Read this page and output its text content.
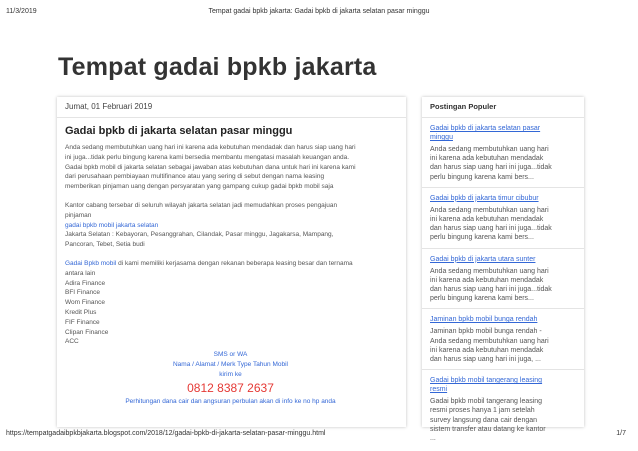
11/3/2019	Tempat gadai bpkb jakarta: Gadai bpkb di jakarta selatan pasar minggu
Tempat gadai bpkb jakarta
Jumat, 01 Februari 2019
Gadai bpkb di jakarta selatan pasar minggu
Anda sedang membutuhkan uang hari ini karena ada kebutuhan mendadak dan harus siap uang hari
ini juga...tidak perlu bingung karena kami bersedia membantu mengatasi masalah keuangan anda.
Gadai bpkb mobil di jakarta selatan sebagai jawaban atas kebutuhan dana untuk hari ini karena kami
dari perusahaan pembiayaan multifinance atau yang sering di sebut dengan nama leasing
memberikan pinjaman uang dengan persyaratan yang gampang cukup gadai bpkb mobil saja
Kantor cabang tersebar di seluruh wilayah jakarta selatan jadi memudahkan proses pengajuan
pinjaman
gadai bpkb mobil jakarta selatan
Jakarta Selatan : Kebayoran, Pesanggrahan, Cilandak, Pasar minggu, Jagakarsa, Mampang,
Pancoran, Tebet, Setia budi
Gadai Bpkb mobil di kami memiliki kerjasama dengan rekanan beberapa leasing besar dan ternama
antara lain
Adira Finance
BFI Finance
Wom Finance
Kredit Plus
FIF Finance
Clipan Finance
ACC
SMS or WA
Nama / Alamat / Merk Type Tahun Mobil
kirim ke
0812 8387 2637
Perhitungan dana cair dan angsuran perbulan akan di info ke no hp anda
Postingan Populer
Gadai bpkb di jakarta selatan pasar
minggu
Anda sedang membutuhkan uang hari
ini karena ada kebutuhan mendadak
dan harus siap uang hari ini juga...tidak
perlu bingung karena kami bers...
Gadai bpkb di jakarta timur cibubur
Anda sedang membutuhkan uang hari
ini karena ada kebutuhan mendadak
dan harus siap uang hari ini juga...tidak
perlu bingung karena kami bers...
Gadai bpkb di jakarta utara sunter
Anda sedang membutuhkan uang hari
ini karena ada kebutuhan mendadak
dan harus siap uang hari ini juga...tidak
perlu bingung karena kami bers...
Jaminan bpkb mobil bunga rendah
Jaminan bpkb mobil bunga rendah -
Anda sedang membutuhkan uang hari
ini karena ada kebutuhan mendadak
dan harus siap uang hari ini juga, ...
Gadai bpkb mobil tangerang leasing
resmi
Gadai bpkb mobil tangerang leasing
resmi proses hanya 1 jam setelah
survey langsung dana cair dengan
sistem transfer atau datang ke kantor
...
https://tempatgadaibpkbjakarta.blogspot.com/2018/12/gadai-bpkb-di-jakarta-selatan-pasar-minggu.html	1/7
